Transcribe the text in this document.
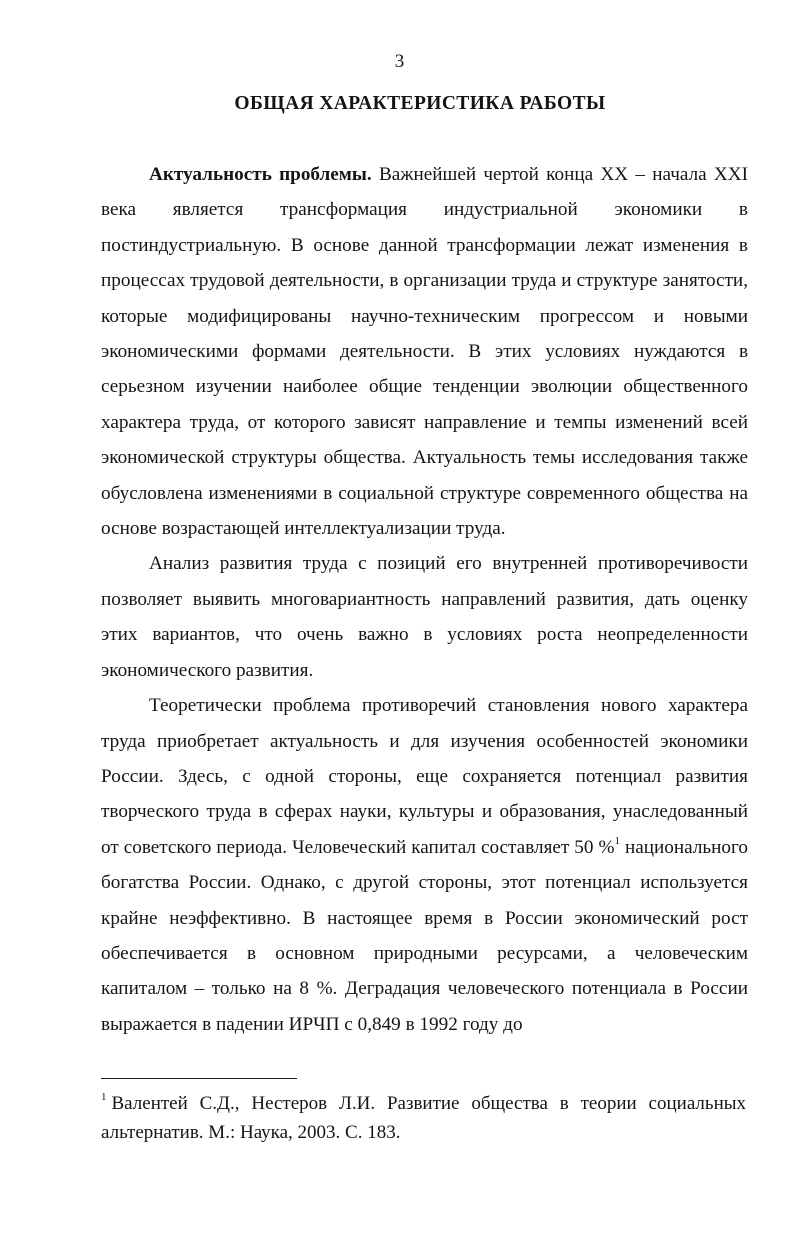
3
ОБЩАЯ ХАРАКТЕРИСТИКА РАБОТЫ

Актуальность проблемы. Важнейшей чертой конца XX – начала XXI века является трансформация индустриальной экономики в постиндустриальную. В основе данной трансформации лежат изменения в процессах трудовой деятельности, в организации труда и структуре занятости, которые модифицированы научно-техническим прогрессом и новыми экономическими формами деятельности. В этих условиях нуждаются в серьезном изучении наиболее общие тенденции эволюции общественного характера труда, от которого зависят направление и темпы изменений всей экономической структуры общества. Актуальность темы исследования также обусловлена изменениями в социальной структуре современного общества на основе возрастающей интеллектуализации труда.

Анализ развития труда с позиций его внутренней противоречивости позволяет выявить многовариантность направлений развития, дать оценку этих вариантов, что очень важно в условиях роста неопределенности экономического развития.

Теоретически проблема противоречий становления нового характера труда приобретает актуальность и для изучения особенностей экономики России. Здесь, с одной стороны, еще сохраняется потенциал развития творческого труда в сферах науки, культуры и образования, унаследованный от советского периода. Человеческий капитал составляет 50 %$^1$ национального богатства России. Однако, с другой стороны, этот потенциал используется крайне неэффективно. В настоящее время в России экономический рост обеспечивается в основном природными ресурсами, а человеческим капиталом – только на 8 %. Деградация человеческого потенциала в России выражается в падении ИРЧП с 0,849 в 1992 году до

$^1$ Валентей С.Д., Нестеров Л.И. Развитие общества в теории социальных альтернатив. М.: Наука, 2003. С. 183.
